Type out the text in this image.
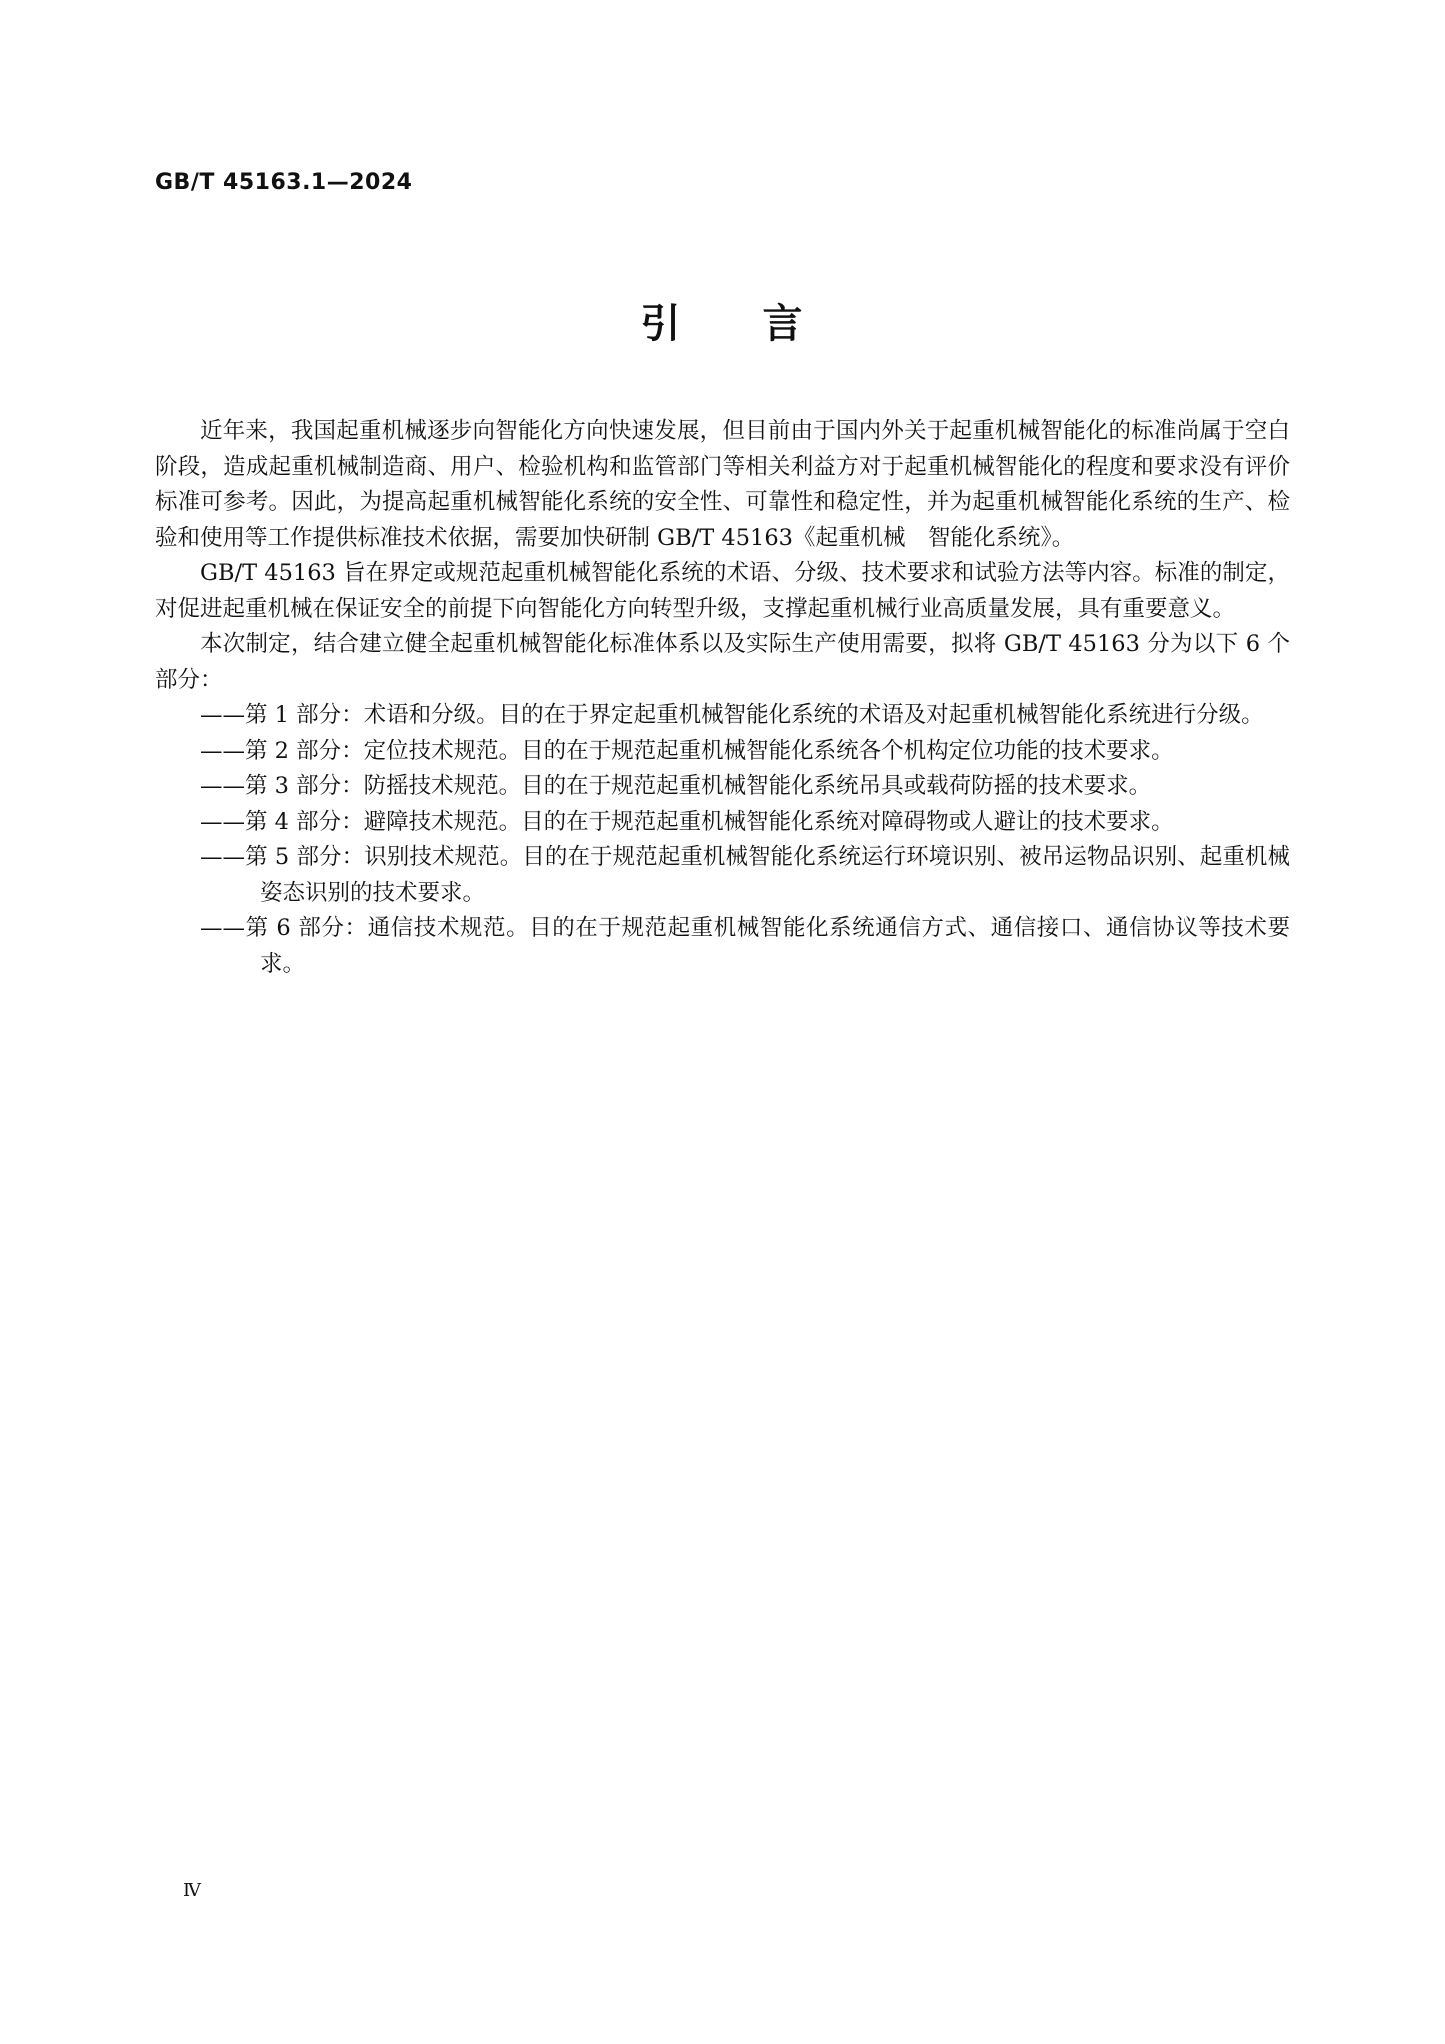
GB/T 45163.1—2024
引 言

近年来，我国起重机械逐步向智能化方向快速发展，但目前由于国内外关于起重机械智能化的标准尚属于空白阶段，造成起重机械制造商、用户、检验机构和监管部门等相关利益方对于起重机械智能化的程度和要求没有评价标准可参考。因此，为提高起重机械智能化系统的安全性、可靠性和稳定性，并为起重机械智能化系统的生产、检验和使用等工作提供标准技术依据，需要加快研制 GB/T 45163《起重机械　智能化系统》。

GB/T 45163 旨在界定或规范起重机械智能化系统的术语、分级、技术要求和试验方法等内容。标准的制定，对促进起重机械在保证安全的前提下向智能化方向转型升级，支撑起重机械行业高质量发展，具有重要意义。

本次制定，结合建立健全起重机械智能化标准体系以及实际生产使用需要，拟将 GB/T 45163 分为以下 6 个部分：

——第 1 部分：术语和分级。目的在于界定起重机械智能化系统的术语及对起重机械智能化系统进行分级。
——第 2 部分：定位技术规范。目的在于规范起重机械智能化系统各个机构定位功能的技术要求。
——第 3 部分：防摇技术规范。目的在于规范起重机械智能化系统吊具或载荷防摇的技术要求。
——第 4 部分：避障技术规范。目的在于规范起重机械智能化系统对障碍物或人避让的技术要求。
——第 5 部分：识别技术规范。目的在于规范起重机械智能化系统运行环境识别、被吊运物品识别、起重机械姿态识别的技术要求。
——第 6 部分：通信技术规范。目的在于规范起重机械智能化系统通信方式、通信接口、通信协议等技术要求。
Ⅳ
